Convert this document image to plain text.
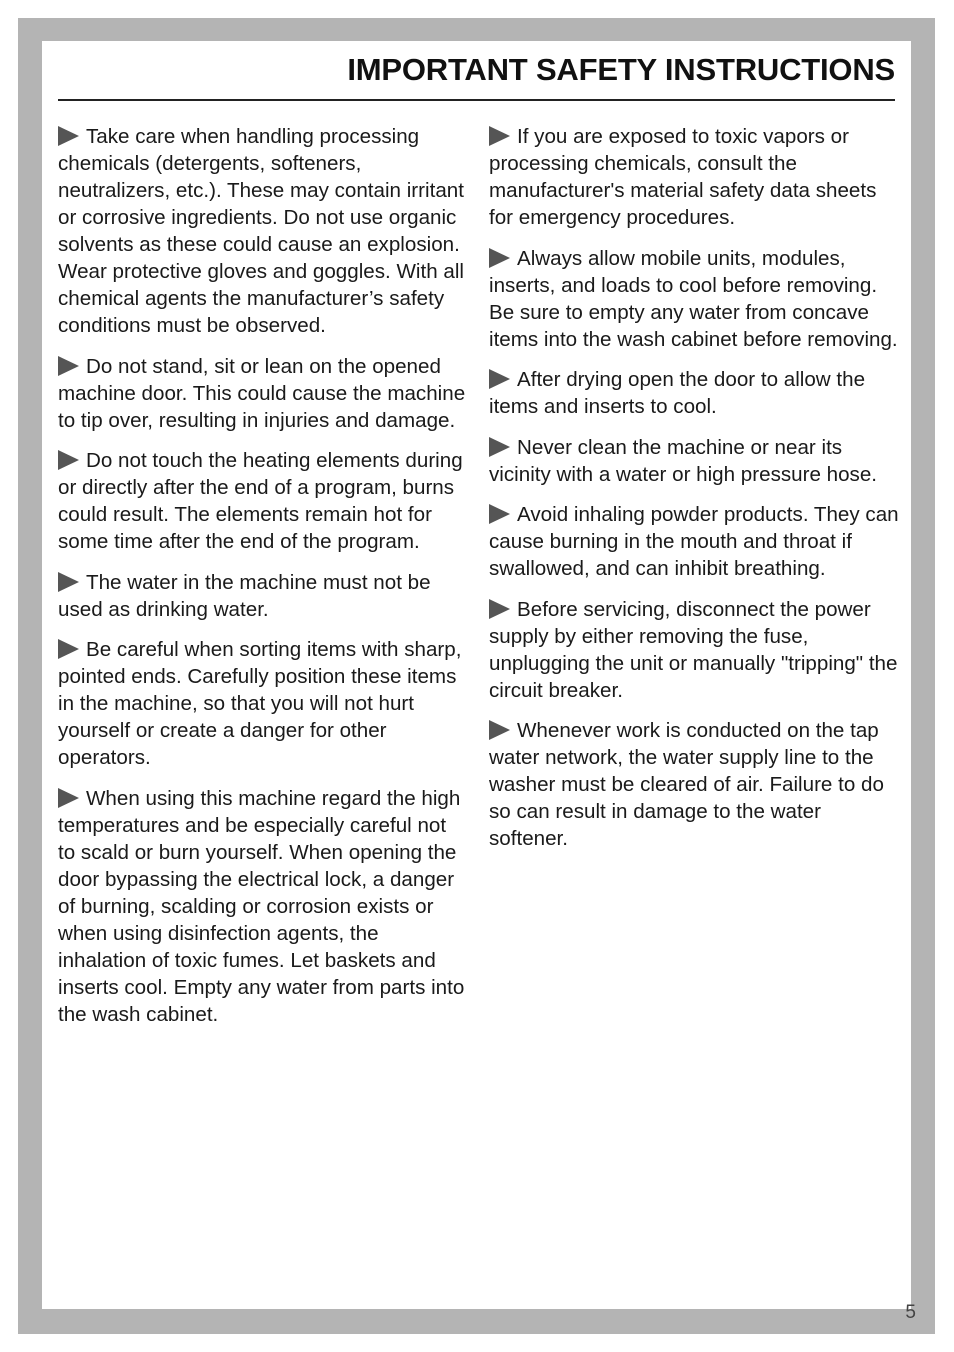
IMPORTANT SAFETY INSTRUCTIONS

Take care when handling processing chemicals (detergents, softeners, neutralizers, etc.). These may contain irritant or corrosive ingredients. Do not use organic solvents as these could cause an explosion. Wear protective gloves and goggles. With all chemical agents the manufacturer’s safety conditions must be observed.

Do not stand, sit or lean on the opened machine door. This could cause the machine to tip over, resulting in injuries and damage.

Do not touch the heating elements during or directly after the end of a program, burns could result. The elements remain hot for some time after the end of the program.

The water in the machine must not be used as drinking water.

Be careful when sorting items with sharp, pointed ends. Carefully position these items in the machine, so that you will not hurt yourself or create a danger for other operators.

When using this machine regard the high temperatures and be especially careful not to scald or burn yourself. When opening the door bypassing the electrical lock, a danger of burning, scalding or corrosion exists or when using disinfection agents, the inhalation of toxic fumes. Let baskets and inserts cool. Empty any water from parts into the wash cabinet.

If you are exposed to toxic vapors or processing chemicals, consult the manufacturer's material safety data sheets for emergency procedures.

Always allow mobile units, modules, inserts, and loads to cool before removing. Be sure to empty any water from concave items into the wash cabinet before removing.

After drying open the door to allow the items and inserts to cool.

Never clean the machine or near its vicinity with a water or high pressure hose.

Avoid inhaling powder products. They can cause burning in the mouth and throat if swallowed, and can inhibit breathing.

Before servicing, disconnect the power supply by either removing the fuse, unplugging the unit or manually "tripping" the circuit breaker.

Whenever work is conducted on the tap water network, the water supply line to the washer must be cleared of air. Failure to do so can result in damage to the water softener.

5
